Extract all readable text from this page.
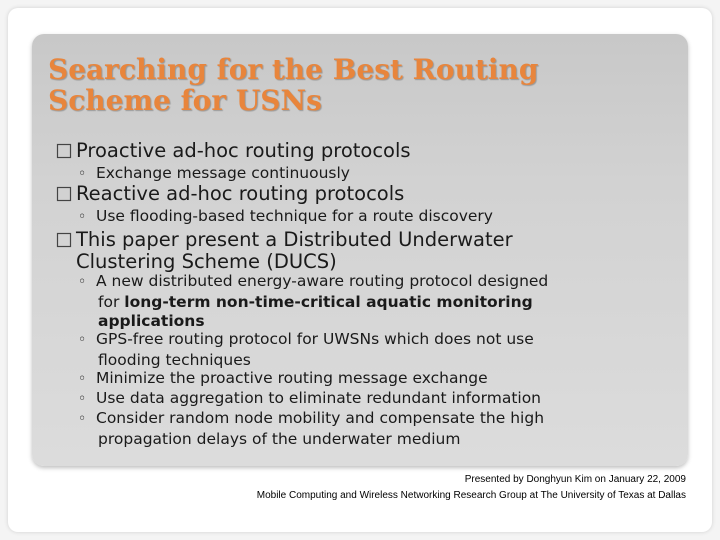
Searching for the Best Routing
Scheme for USNs
Proactive ad-hoc routing protocols
◦ Exchange message continuously
Reactive ad-hoc routing protocols
◦ Use flooding-based technique for a route discovery
This paper present a Distributed Underwater
Clustering Scheme (DUCS)
◦ A new distributed energy-aware routing protocol designed
for long-term non-time-critical aquatic monitoring
applications
◦ GPS-free routing protocol for UWSNs which does not use
flooding techniques
◦ Minimize the proactive routing message exchange
◦ Use data aggregation to eliminate redundant information
◦ Consider random node mobility and compensate the high
propagation delays of the underwater medium
Presented by Donghyun Kim on January 22, 2009
Mobile Computing and Wireless Networking Research Group at The University of Texas at Dallas
